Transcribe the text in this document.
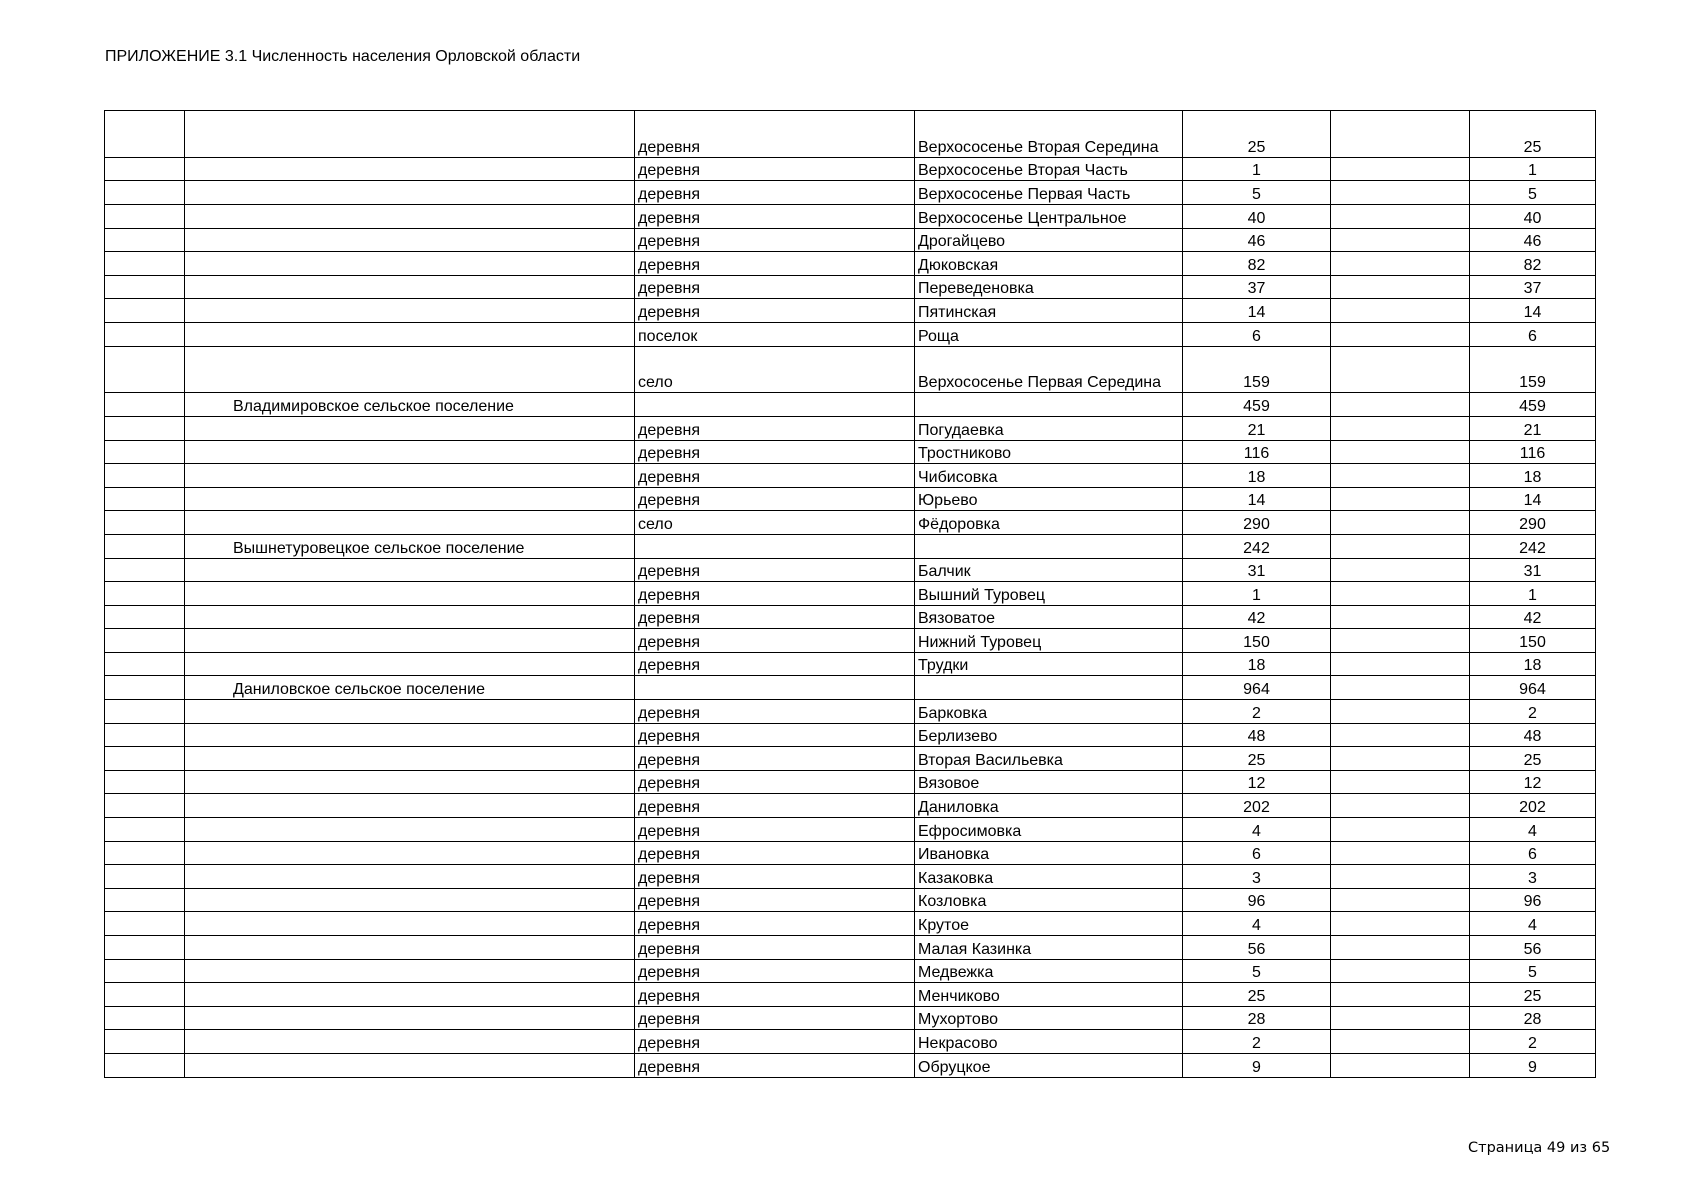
ПРИЛОЖЕНИЕ 3.1 Численность населения Орловской области
		деревня	Верхососенье Вторая Середина	25		25
		деревня	Верхососенье Вторая Часть	1		1
		деревня	Верхососенье Первая Часть	5		5
		деревня	Верхососенье Центральное	40		40
		деревня	Дрогайцево	46		46
		деревня	Дюковская	82		82
		деревня	Переведеновка	37		37
		деревня	Пятинская	14		14
		поселок	Роща	6		6
		село	Верхососенье Первая Середина	159		159
	Владимировское сельское поселение			459		459
		деревня	Погудаевка	21		21
		деревня	Тростниково	116		116
		деревня	Чибисовка	18		18
		деревня	Юрьево	14		14
		село	Фёдоровка	290		290
	Вышнетуровецкое сельское поселение			242		242
		деревня	Балчик	31		31
		деревня	Вышний Туровец	1		1
		деревня	Вязоватое	42		42
		деревня	Нижний Туровец	150		150
		деревня	Трудки	18		18
	Даниловское сельское поселение			964		964
		деревня	Барковка	2		2
		деревня	Берлизево	48		48
		деревня	Вторая Васильевка	25		25
		деревня	Вязовое	12		12
		деревня	Даниловка	202		202
		деревня	Ефросимовка	4		4
		деревня	Ивановка	6		6
		деревня	Казаковка	3		3
		деревня	Козловка	96		96
		деревня	Крутое	4		4
		деревня	Малая Казинка	56		56
		деревня	Медвежка	5		5
		деревня	Менчиково	25		25
		деревня	Мухортово	28		28
		деревня	Некрасово	2		2
		деревня	Обруцкое	9		9
Страница 49 из 65
